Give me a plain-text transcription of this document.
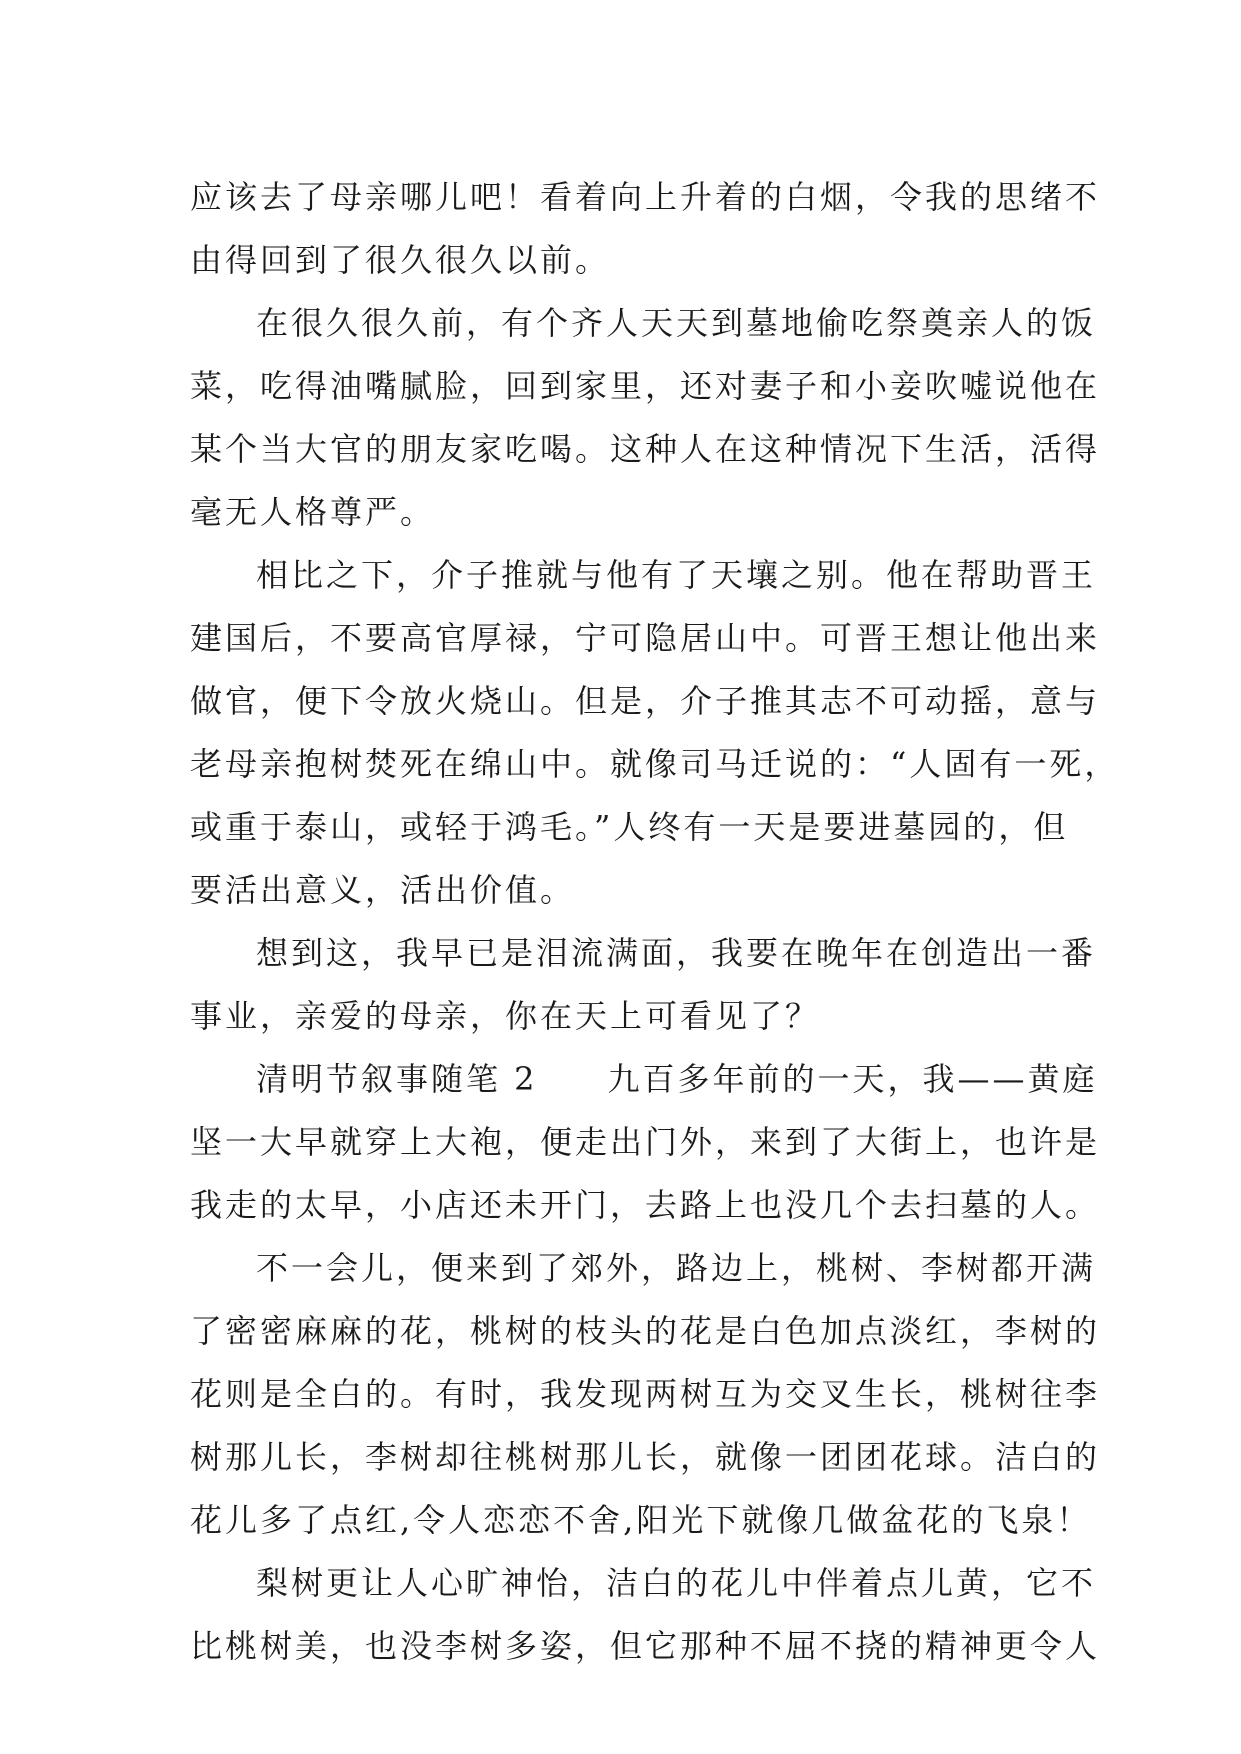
应该去了母亲哪儿吧！看着向上升着的白烟，令我的思绪不
由得回到了很久很久以前。
在很久很久前，有个齐人天天到墓地偷吃祭奠亲人的饭
菜，吃得油嘴腻脸，回到家里，还对妻子和小妾吹嘘说他在
某个当大官的朋友家吃喝。这种人在这种情况下生活，活得
毫无人格尊严。
相比之下，介子推就与他有了天壤之别。他在帮助晋王
建国后，不要高官厚禄，宁可隐居山中。可晋王想让他出来
做官，便下令放火烧山。但是，介子推其志不可动摇，意与
老母亲抱树焚死在绵山中。就像司马迁说的：“人固有一死，
或重于泰山，或轻于鸿毛。”人终有一天是要进墓园的，但
要活出意义，活出价值。
想到这，我早已是泪流满面，我要在晚年在创造出一番
事业，亲爱的母亲，你在天上可看见了？
清明节叙事随笔 2　　九百多年前的一天，我——黄庭
坚一大早就穿上大袍，便走出门外，来到了大街上，也许是
我走的太早，小店还未开门，去路上也没几个去扫墓的人。
不一会儿，便来到了郊外，路边上，桃树、李树都开满
了密密麻麻的花，桃树的枝头的花是白色加点淡红，李树的
花则是全白的。有时，我发现两树互为交叉生长，桃树往李
树那儿长，李树却往桃树那儿长，就像一团团花球。洁白的
花儿多了点红,令人恋恋不舍,阳光下就像几做盆花的飞泉！
梨树更让人心旷神怡，洁白的花儿中伴着点儿黄，它不
比桃树美，也没李树多姿，但它那种不屈不挠的精神更令人
